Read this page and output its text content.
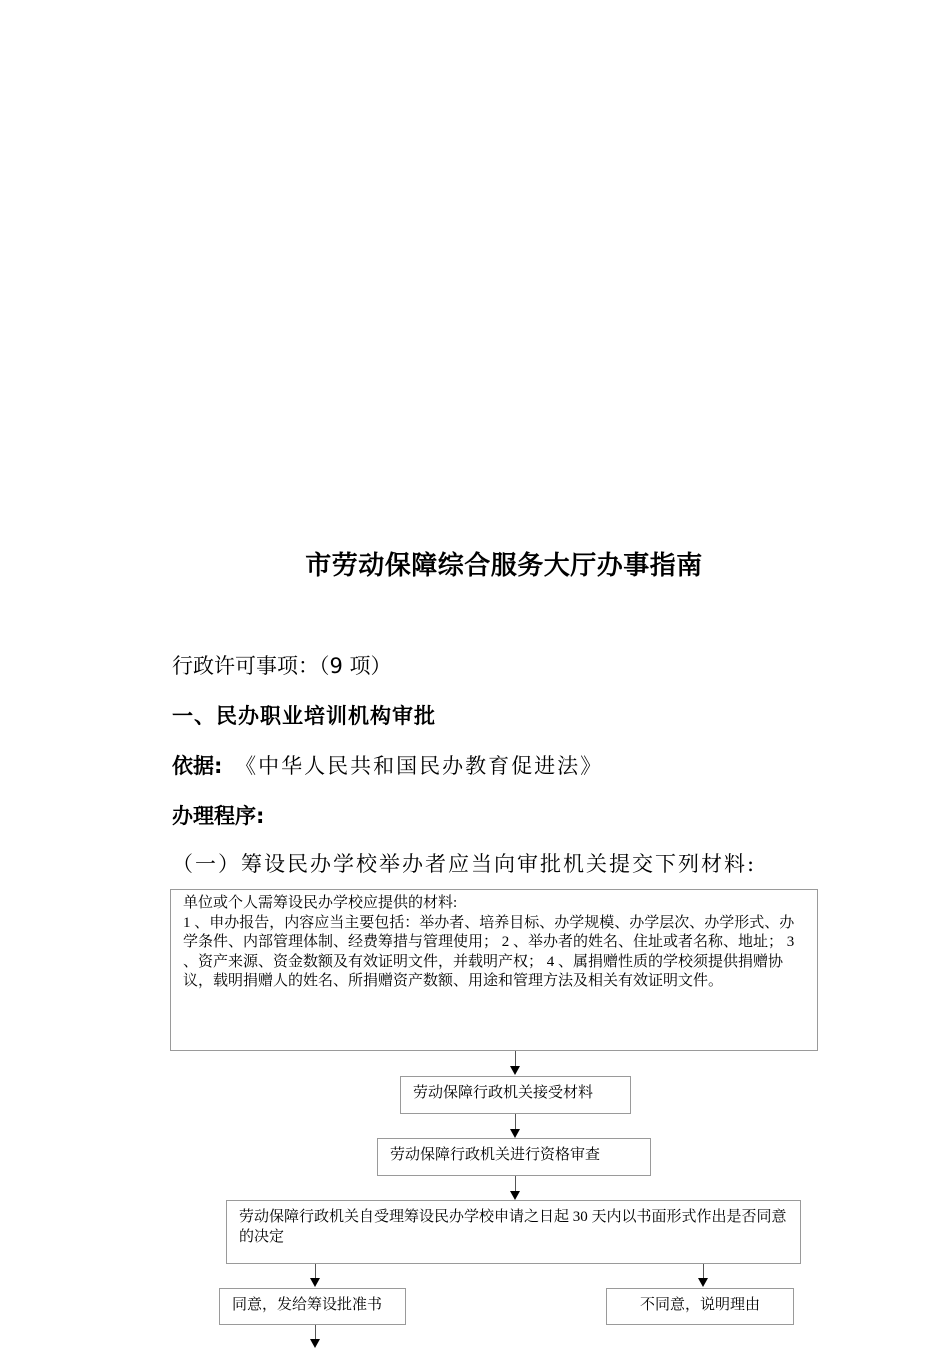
市劳动保障综合服务大厅办事指南
行政许可事项：（9 项）
一、民办职业培训机构审批
依据: 《中华人民共和国民办教育促进法》
办理程序:
（一）筹设民办学校举办者应当向审批机关提交下列材料:
单位或个人需筹设民办学校应提供的材料:
1 、申办报告，内容应当主要包括：举办者、培养目标、办学规模、办学层次、办学形式、办学条件、内部管理体制、经费筹措与管理使用； 2 、举办者的姓名、住址或者名称、地址； 3 、资产来源、资金数额及有效证明文件，并载明产权； 4 、属捐赠性质的学校须提供捐赠协议，载明捐赠人的姓名、所捐赠资产数额、用途和管理方法及相关有效证明文件。
劳动保障行政机关接受材料
劳动保障行政机关进行资格审查
劳动保障行政机关自受理筹设民办学校申请之日起 30 天内以书面形式作出是否同意的决定
同意，发给筹设批准书	不同意，说明理由
